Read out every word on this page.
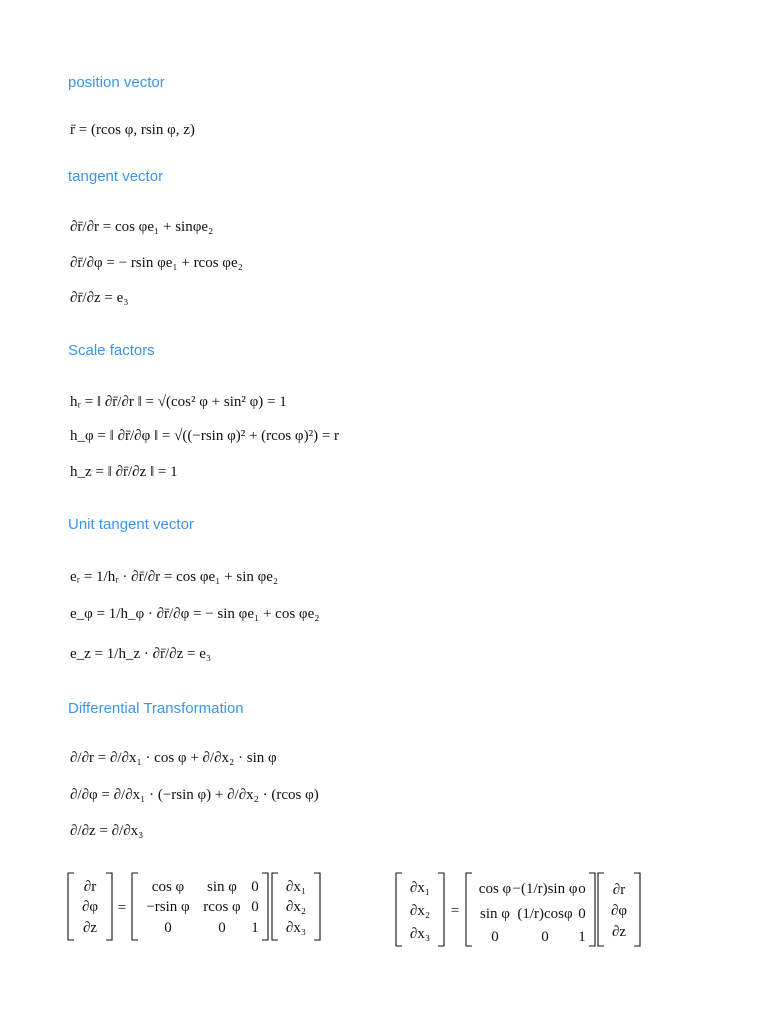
position vector
tangent vector
Scale factors
Unit tangent vector
Differential Transformation
r̄ = (rcos φ, rsin φ, z)
∂r̄/∂r = cos φe₁ + sinφe₂
∂r̄/∂φ = − rsin φe₁ + rcos φe₂
∂r̄/∂z = e₃
hᵣ = ‖ ∂r̄/∂r ‖ = √(cos² φ + sin² φ) = 1
h_φ = ‖ ∂r̄/∂φ ‖ = √((−rsin φ)² + (rcos φ)²) = r
h_z = ‖ ∂r̄/∂z ‖ = 1
eᵣ = 1/hᵣ · ∂r̄/∂r = cos φe₁ + sin φe₂
e_φ = 1/h_φ · ∂r̄/∂φ = − sin φe₁ + cos φe₂
e_z = 1/h_z · ∂r̄/∂z = e₃
∂/∂r = ∂/∂x₁ · cos φ + ∂/∂x₂ · sin φ
∂/∂φ = ∂/∂x₁ · (−rsin φ) + ∂/∂x₂ · (rcos φ)
∂/∂z = ∂/∂x₃
∂r
∂φ
∂z
=
cos φ sin φ 0
−rsin φ rcos φ 0
0	0 1
∂x₁
∂x₂
∂x₃
∂x₁
∂x₂
∂x₃
=
cos φ −(1/r)sin φ o
sin φ (1/r)cosφ 0
0	0 1
∂r
∂φ
∂z
